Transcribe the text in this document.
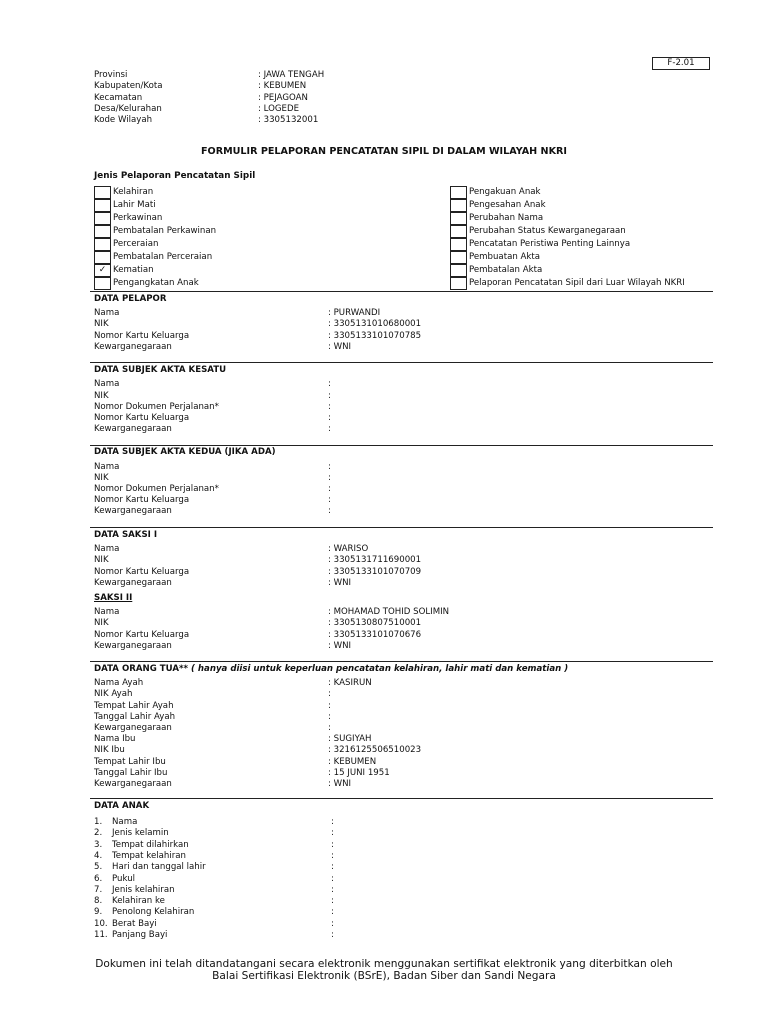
F-2.01
Provinsi	: JAWA TENGAH
Kabupaten/Kota	: KEBUMEN
Kecamatan	: PEJAGOAN
Desa/Kelurahan	: LOGEDE
Kode Wilayah	: 3305132001
FORMULIR PELAPORAN PENCATATAN SIPIL DI DALAM WILAYAH NKRI
Jenis Pelaporan Pencatatan Sipil
Kelahiran
Lahir Mati
Perkawinan
Pembatalan Perkawinan
Perceraian
Pembatalan Perceraian
✓ Kematian
Pengangkatan Anak
Pengakuan Anak
Pengesahan Anak
Perubahan Nama
Perubahan Status Kewarganegaraan
Pencatatan Peristiwa Penting Lainnya
Pembuatan Akta
Pembatalan Akta
Pelaporan Pencatatan Sipil dari Luar Wilayah NKRI
DATA PELAPOR
Nama	: PURWANDI
NIK	: 3305131010680001
Nomor Kartu Keluarga	: 3305133101070785
Kewarganegaraan	: WNI
DATA SUBJEK AKTA KESATU
Nama	:
NIK	:
Nomor Dokumen Perjalanan*	:
Nomor Kartu Keluarga	:
Kewarganegaraan	:
DATA SUBJEK AKTA KEDUA (JIKA ADA)
Nama	:
NIK	:
Nomor Dokumen Perjalanan*	:
Nomor Kartu Keluarga	:
Kewarganegaraan	:
DATA SAKSI I
Nama	: WARISO
NIK	: 3305131711690001
Nomor Kartu Keluarga	: 3305133101070709
Kewarganegaraan	: WNI
SAKSI II
Nama	: MOHAMAD TOHID SOLIMIN
NIK	: 3305130807510001
Nomor Kartu Keluarga	: 3305133101070676
Kewarganegaraan	: WNI
DATA ORANG TUA** ( hanya diisi untuk keperluan pencatatan kelahiran, lahir mati dan kematian )
Nama Ayah	: KASIRUN
NIK Ayah	:
Tempat Lahir Ayah	:
Tanggal Lahir Ayah	:
Kewarganegaraan	:
Nama Ibu	: SUGIYAH
NIK Ibu	: 3216125506510023
Tempat Lahir Ibu	: KEBUMEN
Tanggal Lahir Ibu	: 15 JUNI 1951
Kewarganegaraan	: WNI
DATA ANAK
1. Nama	:
2. Jenis kelamin	:
3. Tempat dilahirkan	:
4. Tempat kelahiran	:
5. Hari dan tanggal lahir	:
6. Pukul	:
7. Jenis kelahiran	:
8. Kelahiran ke	:
9. Penolong Kelahiran	:
10. Berat Bayi	:
11. Panjang Bayi	:
Dokumen ini telah ditandatangani secara elektronik menggunakan sertifikat elektronik yang diterbitkan oleh
Balai Sertifikasi Elektronik (BSrE), Badan Siber dan Sandi Negara
